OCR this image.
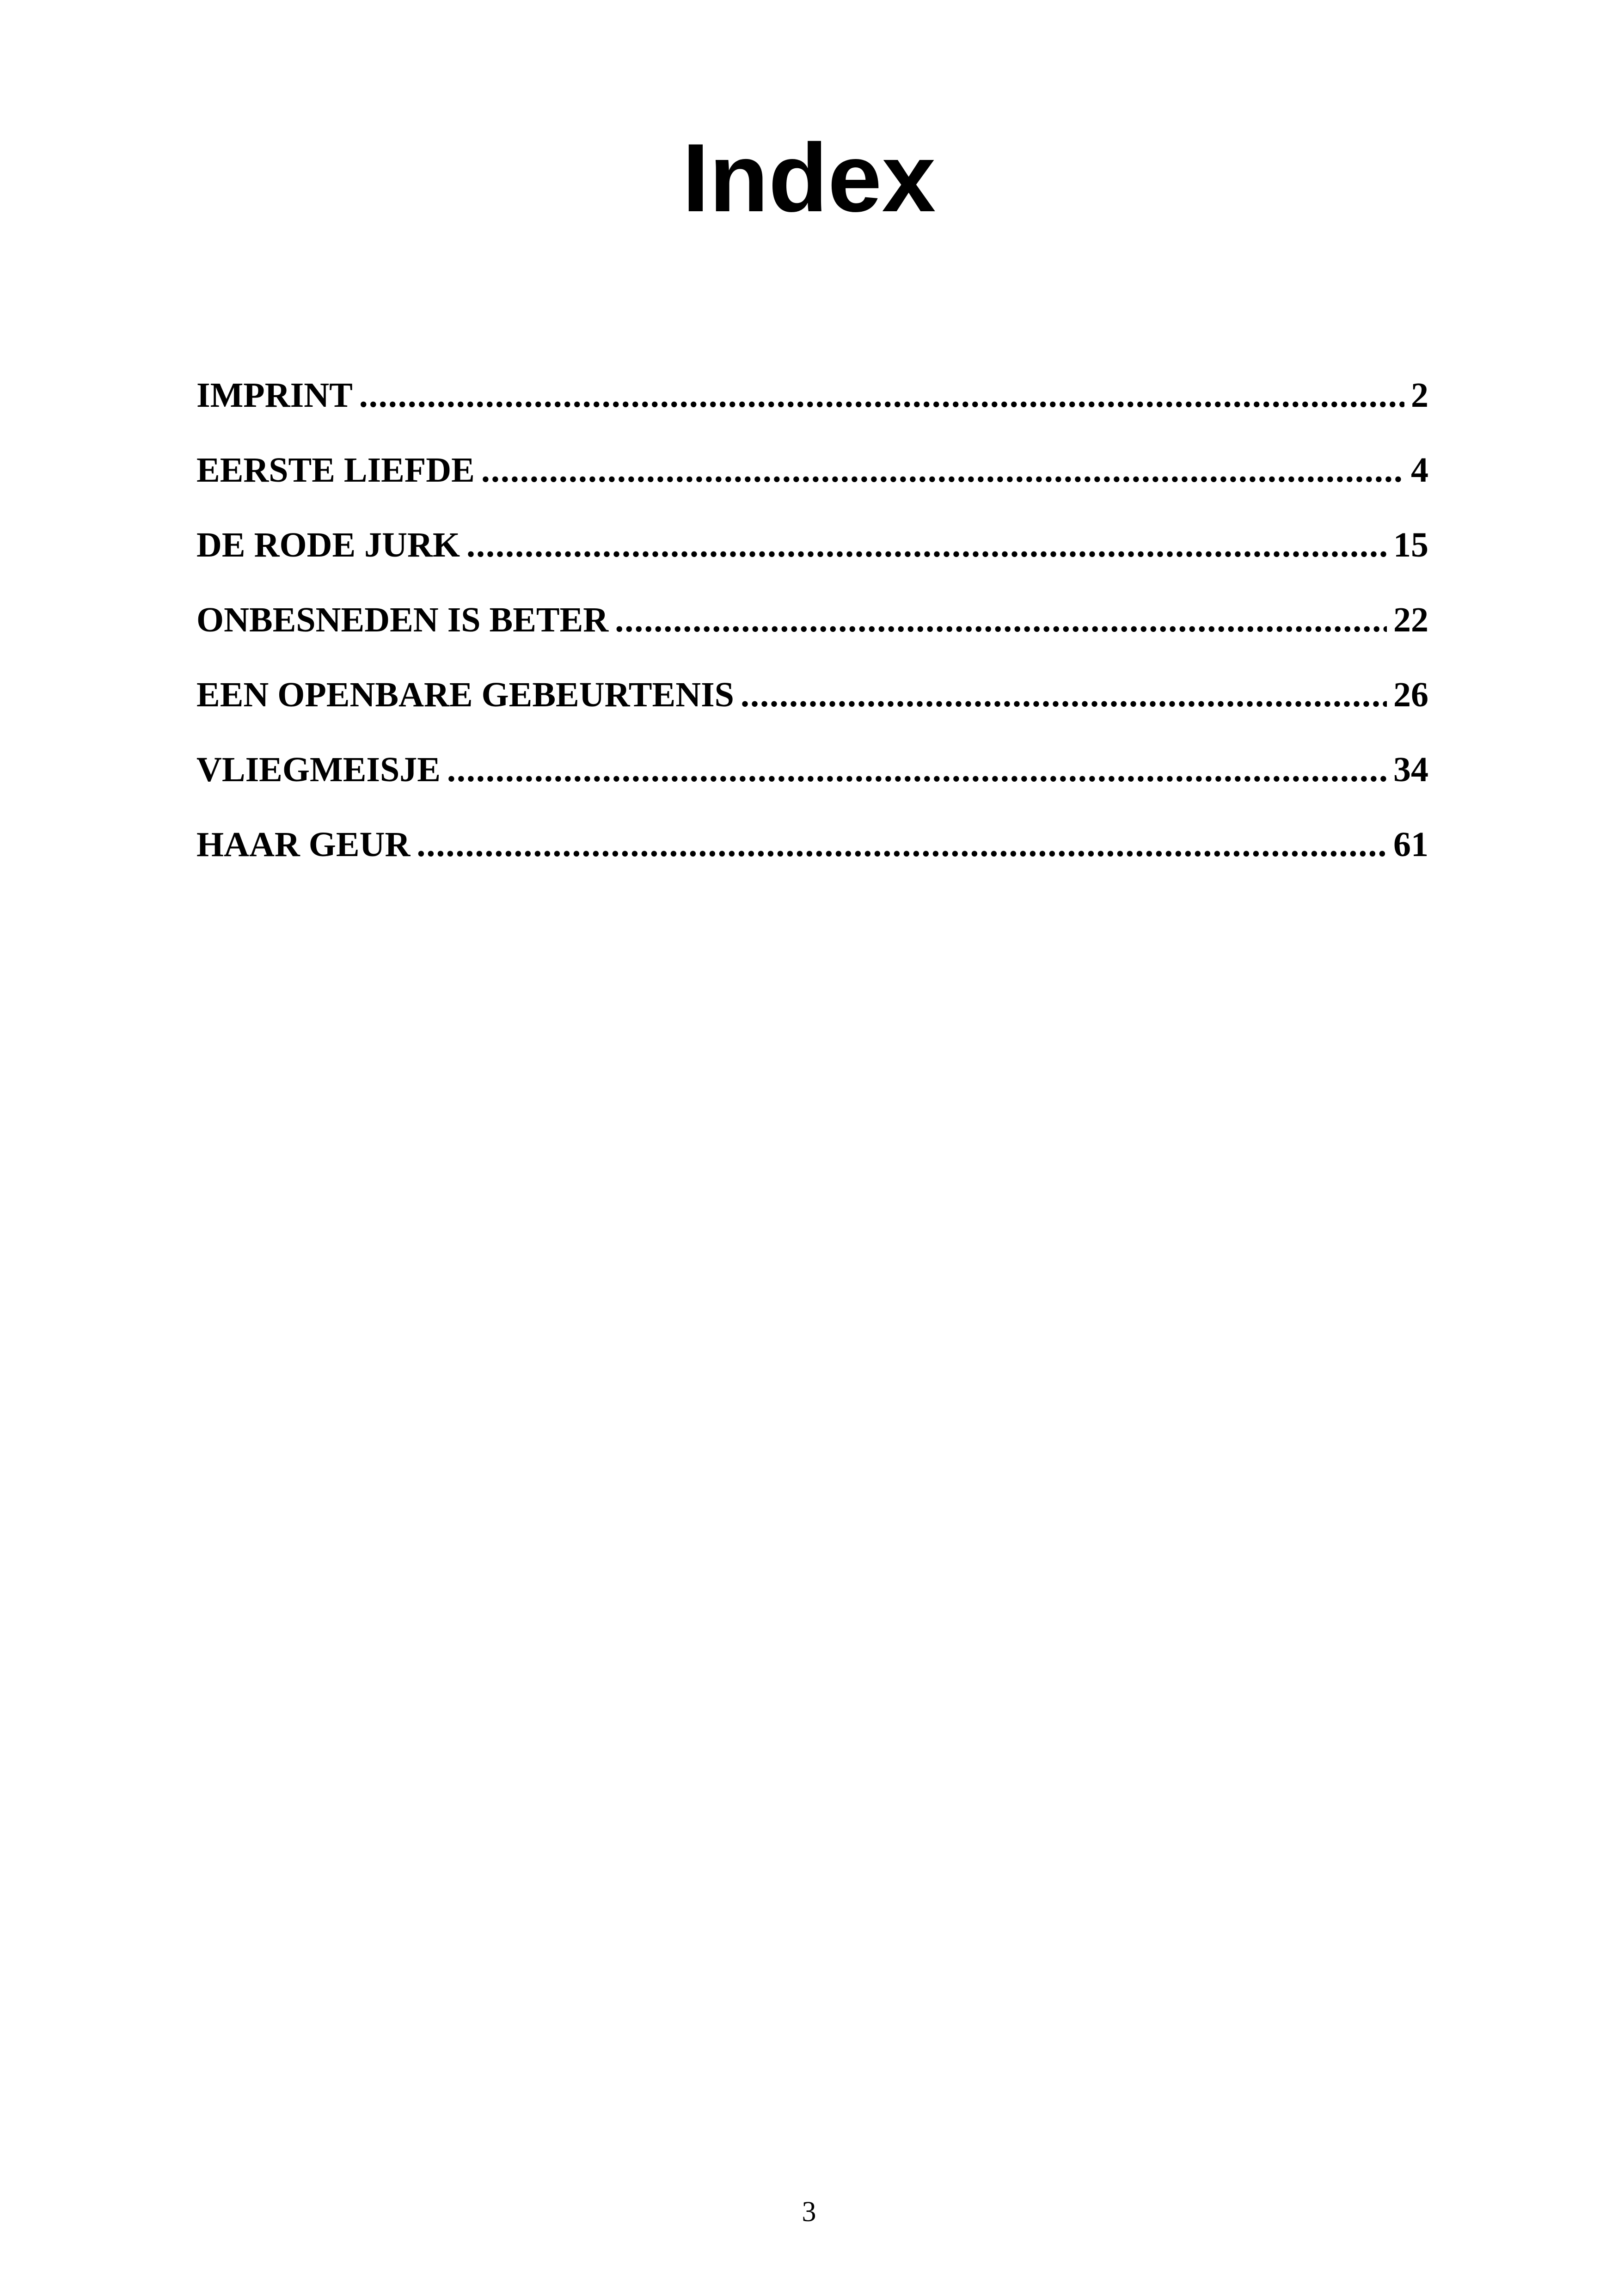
Index
IMPRINT .....	2
EERSTE LIEFDE .....	4
DE RODE JURK .....	15
ONBESNEDEN IS BETER .....	22
EEN OPENBARE GEBEURTENIS .....	26
VLIEGMEISJE .....	34
HAAR GEUR .....	61
3
